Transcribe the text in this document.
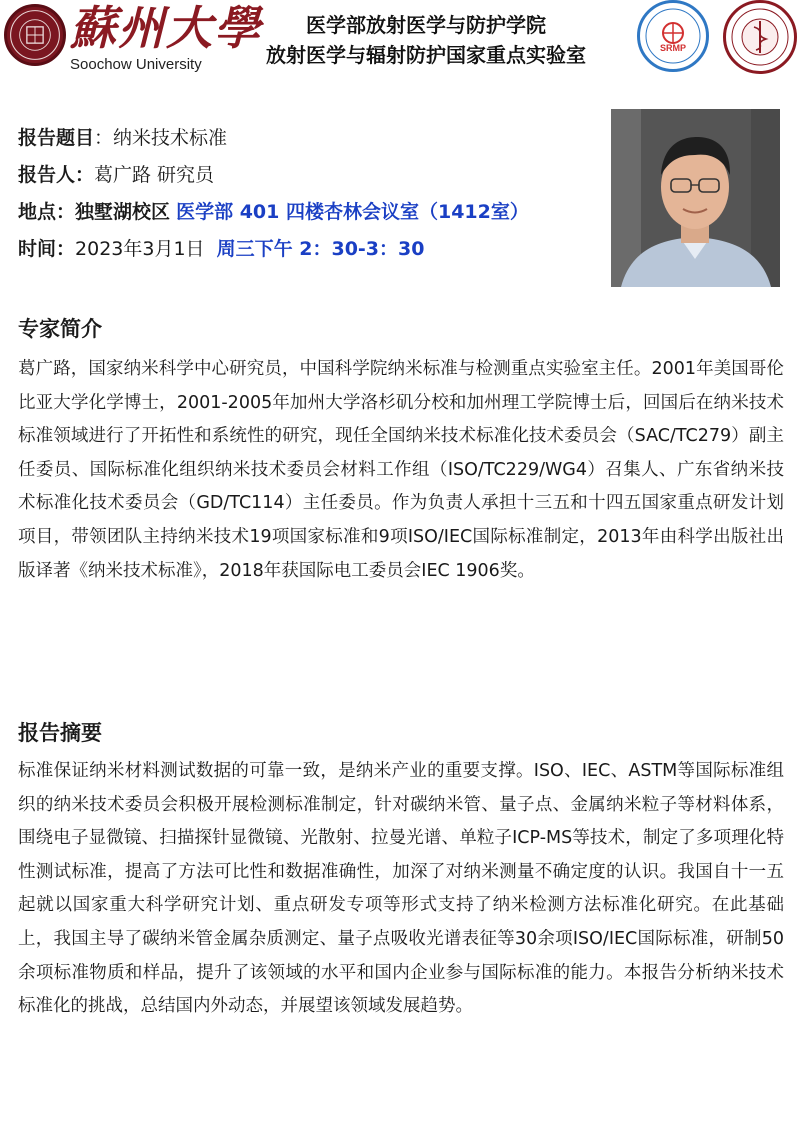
蘇州大學
Soochow University
医学部放射医学与防护学院
放射医学与辐射防护国家重点实验室	SRMP
报告题目：纳米技术标准
报告人：葛广路 研究员
地点：独墅湖校区 医学部 401 四楼杏林会议室（1412室）
时间：2023年3月1日 周三下午 2：30-3：30
专家简介
葛广路，国家纳米科学中心研究员，中国科学院纳米标准与检测重点实验室主任。2001年美国哥伦比亚大学化学博士，2001-2005年加州大学洛杉矶分校和加州理工学院博士后，回国后在纳米技术标准领域进行了开拓性和系统性的研究，现任全国纳米技术标准化技术委员会（SAC/TC279）副主任委员、国际标准化组织纳米技术委员会材料工作组（ISO/TC229/WG4）召集人、广东省纳米技术标准化技术委员会（GD/TC114）主任委员。作为负责人承担十三五和十四五国家重点研发计划项目，带领团队主持纳米技术19项国家标准和9项ISO/IEC国际标准制定，2013年由科学出版社出版译著《纳米技术标准》，2018年获国际电工委员会IEC 1906奖。
报告摘要
标准保证纳米材料测试数据的可靠一致，是纳米产业的重要支撑。ISO、IEC、ASTM等国际标准组织的纳米技术委员会积极开展检测标准制定，针对碳纳米管、量子点、金属纳米粒子等材料体系，围绕电子显微镜、扫描探针显微镜、光散射、拉曼光谱、单粒子ICP-MS等技术，制定了多项理化特性测试标准，提高了方法可比性和数据准确性，加深了对纳米测量不确定度的认识。我国自十一五起就以国家重大科学研究计划、重点研发专项等形式支持了纳米检测方法标准化研究。在此基础上，我国主导了碳纳米管金属杂质测定、量子点吸收光谱表征等30余项ISO/IEC国际标准，研制50余项标准物质和样品，提升了该领域的水平和国内企业参与国际标准的能力。本报告分析纳米技术标准化的挑战，总结国内外动态，并展望该领域发展趋势。
